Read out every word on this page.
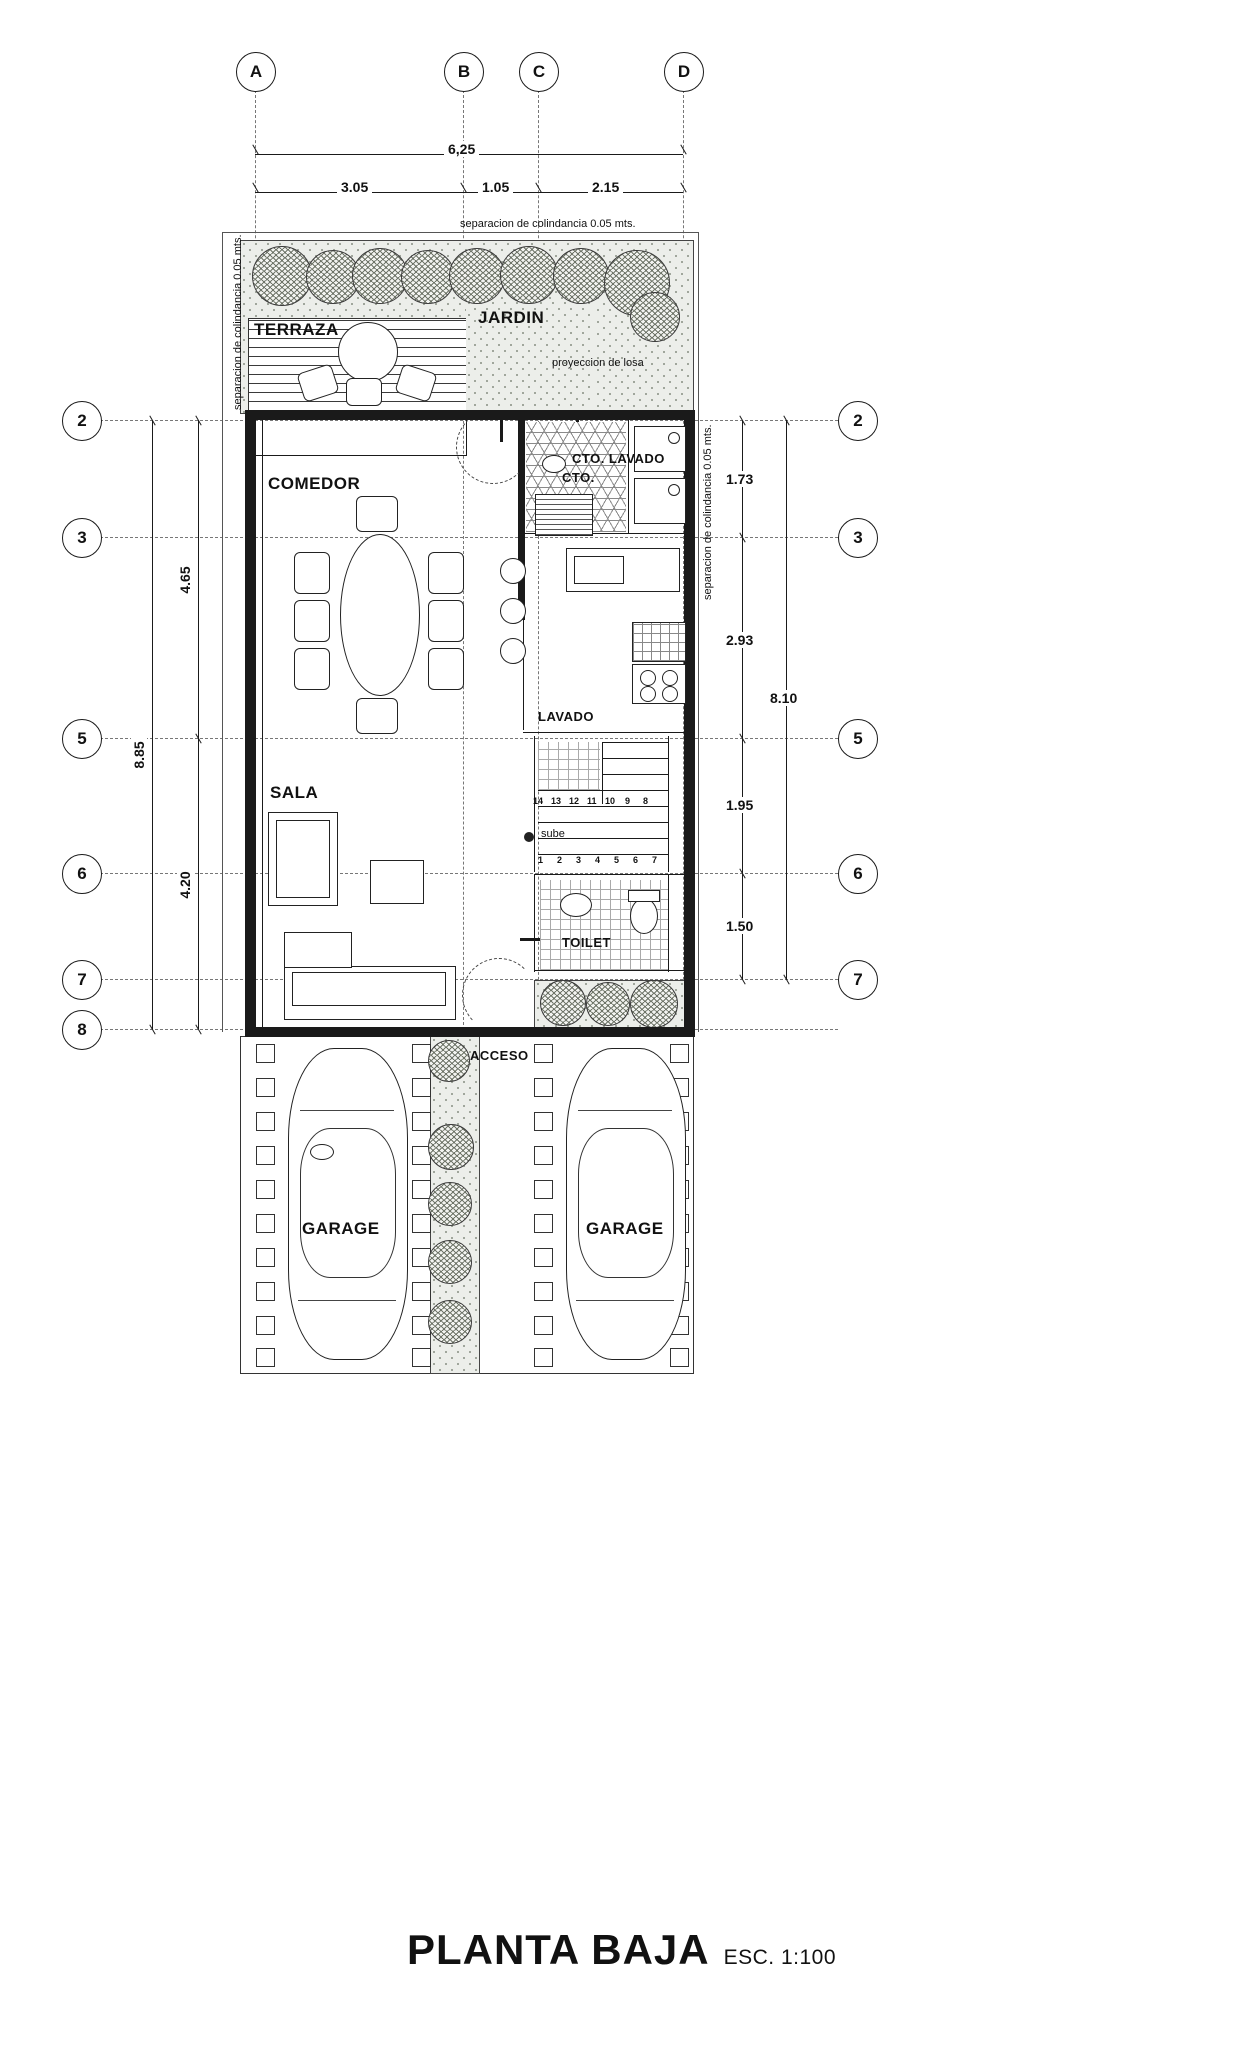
A	B	C	D
6,25
3.05	1.05	2.15
2
3
5
6
7
8
2
3
5
6
7
8.85
4.65
4.20
1.73
2.93
1.95
1.50
8.10
separacion de colindancia 0.05 mts.
separacion de colindancia 0.05 mts.
separacion de colindancia 0.05 mts.
TERRAZA
JARDIN
proyeccion de losa
CTO. LAVADO
CTO.
LAVADO
14 13 12 11 10 9 8
1 2 3 4 5 6 7
sube
TOILET
COMEDOR
SALA
ACCESO
GARAGE	GARAGE
PLANTA BAJA ESC. 1:100
